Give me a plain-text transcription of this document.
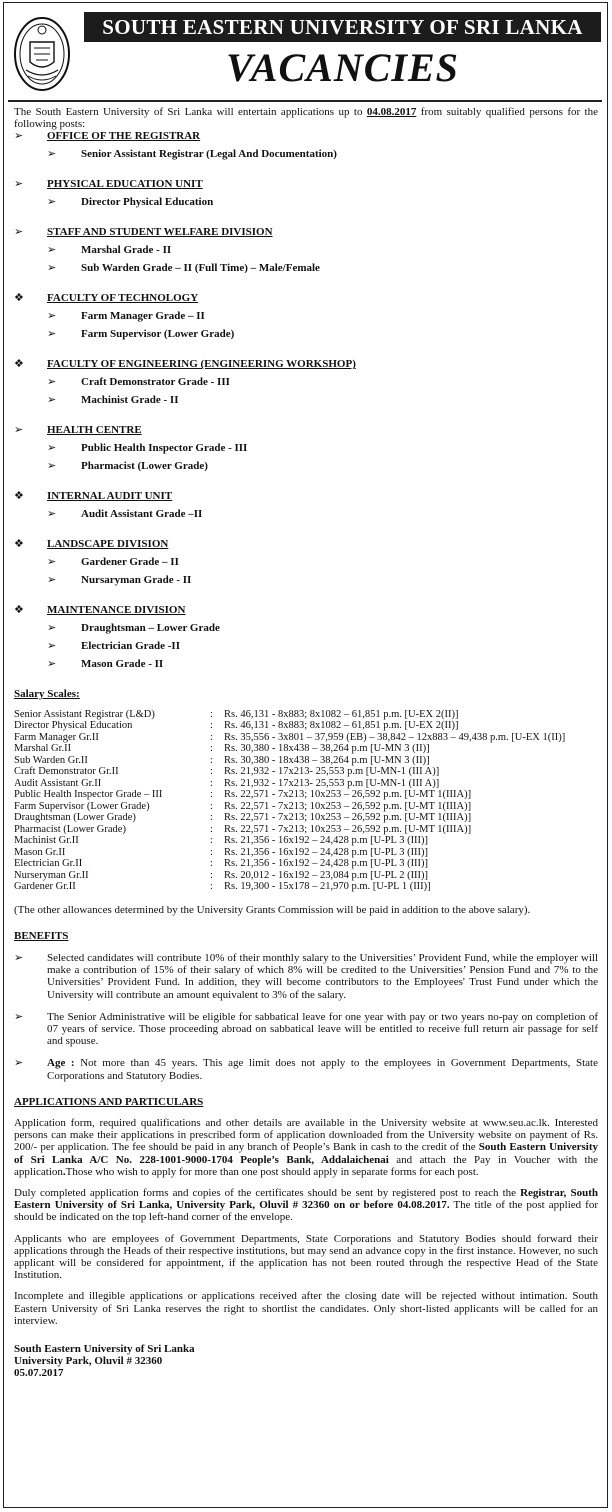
SOUTH EASTERN UNIVERSITY OF SRI LANKA
VACANCIES

The South Eastern University of Sri Lanka will entertain applications up to 04.08.2017 from suitably qualified persons for the following posts:

➢	OFFICE OF THE REGISTRAR
➢ Senior Assistant Registrar (Legal And Documentation)
➢	PHYSICAL EDUCATION UNIT
➢ Director Physical Education
➢	STAFF AND STUDENT WELFARE DIVISION
➢ Marshal Grade - II
➢ Sub Warden Grade – II (Full Time) – Male/Female
❖	FACULTY OF TECHNOLOGY
➢ Farm Manager Grade – II
➢ Farm Supervisor (Lower Grade)
❖	FACULTY OF ENGINEERING (ENGINEERING WORKSHOP)
➢ Craft Demonstrator Grade - III
➢ Machinist Grade - II
➢	HEALTH CENTRE
➢ Public Health Inspector Grade - III
➢ Pharmacist (Lower Grade)
❖	INTERNAL AUDIT UNIT
➢ Audit Assistant Grade –II
❖	LANDSCAPE DIVISION
➢ Gardener Grade – II
➢ Nursaryman Grade - II
❖	MAINTENANCE DIVISION
➢ Draughtsman – Lower Grade
➢ Electrician Grade -II
➢ Mason Grade - II
Salary Scales:
Senior Assistant Registrar (L&D)	:	Rs. 46,131 - 8x883; 8x1082 – 61,851 p.m. [U-EX 2(II)]
Director Physical Education	:	Rs. 46,131 - 8x883; 8x1082 – 61,851 p.m. [U-EX 2(II)]
Farm Manager Gr.II	:	Rs. 35,556 - 3x801 – 37,959 (EB) – 38,842 – 12x883 – 49,438 p.m. [U-EX 1(II)]
Marshal Gr.II	:	Rs. 30,380 - 18x438 – 38,264 p.m [U-MN 3 (II)]
Sub Warden Gr.II	:	Rs. 30,380 - 18x438 – 38,264 p.m [U-MN 3 (II)]
Craft Demonstrator Gr.II	:	Rs. 21,932 - 17x213- 25,553 p.m [U-MN-1 (III A)]
Audit Assistant Gr.II	:	Rs. 21,932 - 17x213- 25,553 p.m [U-MN-1 (III A)]
Public Health Inspector Grade – III	:	Rs. 22,571 - 7x213; 10x253 – 26,592 p.m. [U-MT 1(IIIA)]
Farm Supervisor (Lower Grade)	:	Rs. 22,571 - 7x213; 10x253 – 26,592 p.m. [U-MT 1(IIIA)]
Draughtsman (Lower Grade)	:	Rs. 22,571 - 7x213; 10x253 – 26,592 p.m. [U-MT 1(IIIA)]
Pharmacist (Lower Grade)	:	Rs. 22,571 - 7x213; 10x253 – 26,592 p.m. [U-MT 1(IIIA)]
Machinist Gr.II	:	Rs. 21,356 - 16x192 – 24,428 p.m [U-PL 3 (III)]
Mason Gr.II	:	Rs. 21,356 - 16x192 – 24,428 p.m [U-PL 3 (III)]
Electrician Gr.II	:	Rs. 21,356 - 16x192 – 24,428 p.m [U-PL 3 (III)]
Nurseryman Gr.II	:	Rs. 20,012 - 16x192 – 23,084 p.m [U-PL 2 (III)]
Gardener Gr.II	:	Rs. 19,300 - 15x178 – 21,970 p.m. [U-PL 1 (III)]

(The other allowances determined by the University Grants Commission will be paid in addition to the above salary).

BENEFITS
➢ Selected candidates will contribute 10% of their monthly salary to the Universities’ Provident Fund, while the employer will make a contribution of 15% of their salary of which 8% will be credited to the Universities’ Pension Fund and 7% to the Universities’ Provident Fund. In addition, they will become contributors to the Employees' Trust Fund under which the University will contribute an amount equivalent to 3% of the salary.
➢ The Senior Administrative will be eligible for sabbatical leave for one year with pay or two years no-pay on completion of 07 years of service. Those proceeding abroad on sabbatical leave will be entitled to receive full return air passage for self and spouse.
➢ Age : Not more than 45 years. This age limit does not apply to the employees in Government Departments, State Corporations and Statutory Bodies.
APPLICATIONS AND PARTICULARS

Application form, required qualifications and other details are available in the University website at www.seu.ac.lk. Interested persons can make their applications in prescribed form of application downloaded from the University website on payment of Rs. 200/- per application. The fee should be paid in any branch of People’s Bank in cash to the credit of the South Eastern University of Sri Lanka A/C No. 228-1001-9000-1704 People’s Bank, Addalaichenai and attach the Pay in Voucher with the application.Those who wish to apply for more than one post should apply in separate forms for each post.

Duly completed application forms and copies of the certificates should be sent by registered post to reach the Registrar, South Eastern University of Sri Lanka, University Park, Oluvil # 32360 on or before 04.08.2017. The title of the post applied for should be indicated on the top left-hand corner of the envelope.

Applicants who are employees of Government Departments, State Corporations and Statutory Bodies should forward their applications through the Heads of their respective institutions, but may send an advance copy in the first instance. However, no such applicant will be considered for appointment, if the application has not been routed through the respective Head of the State Institution.

Incomplete and illegible applications or applications received after the closing date will be rejected without intimation. South Eastern University of Sri Lanka reserves the right to shortlist the candidates. Only short-listed applicants will be called for an interview.

South Eastern University of Sri Lanka
University Park, Oluvil # 32360
05.07.2017
